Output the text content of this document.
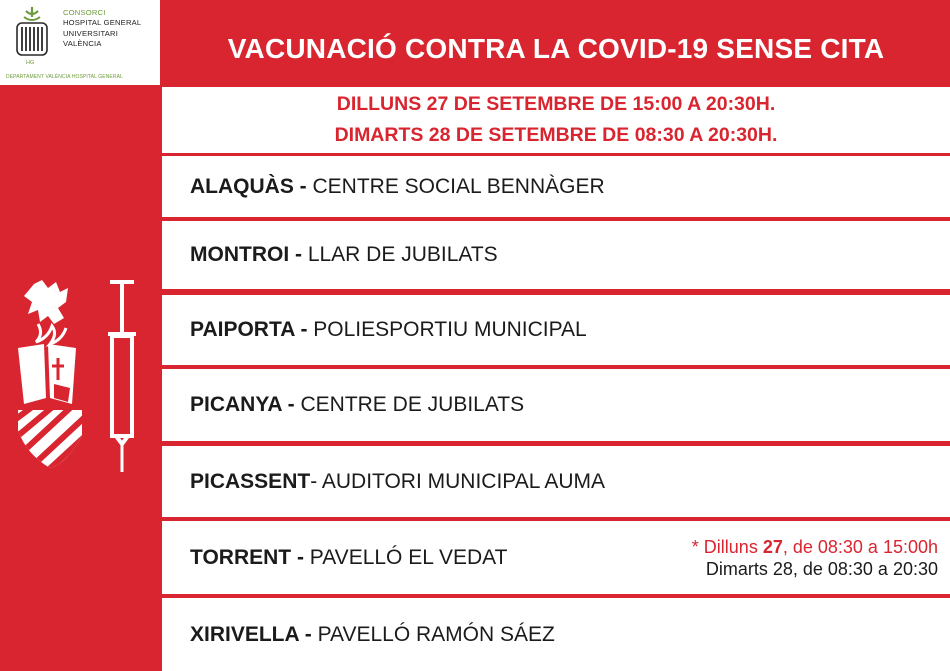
HG
CONSORCI
HOSPITAL GENERAL
UNIVERSITARI
VALÈNCIA
DEPARTAMENT VALÈNCIA HOSPITAL GENERAL
VACUNACIÓ CONTRA LA COVID-19 SENSE CITA
DILLUNS 27 DE SETEMBRE DE 15:00 A 20:30H.
DIMARTS 28 DE SETEMBRE DE 08:30 A 20:30H.
ALAQUÀS - CENTRE SOCIAL BENNÀGER
MONTROI - LLAR DE JUBILATS
PAIPORTA - POLIESPORTIU MUNICIPAL
PICANYA - CENTRE DE JUBILATS
PICASSENT- AUDITORI MUNICIPAL AUMA
TORRENT - PAVELLÓ EL VEDAT	* Dilluns 27, de 08:30 a 15:00h
Dimarts 28, de 08:30 a 20:30
XIRIVELLA - PAVELLÓ RAMÓN SÁEZ
